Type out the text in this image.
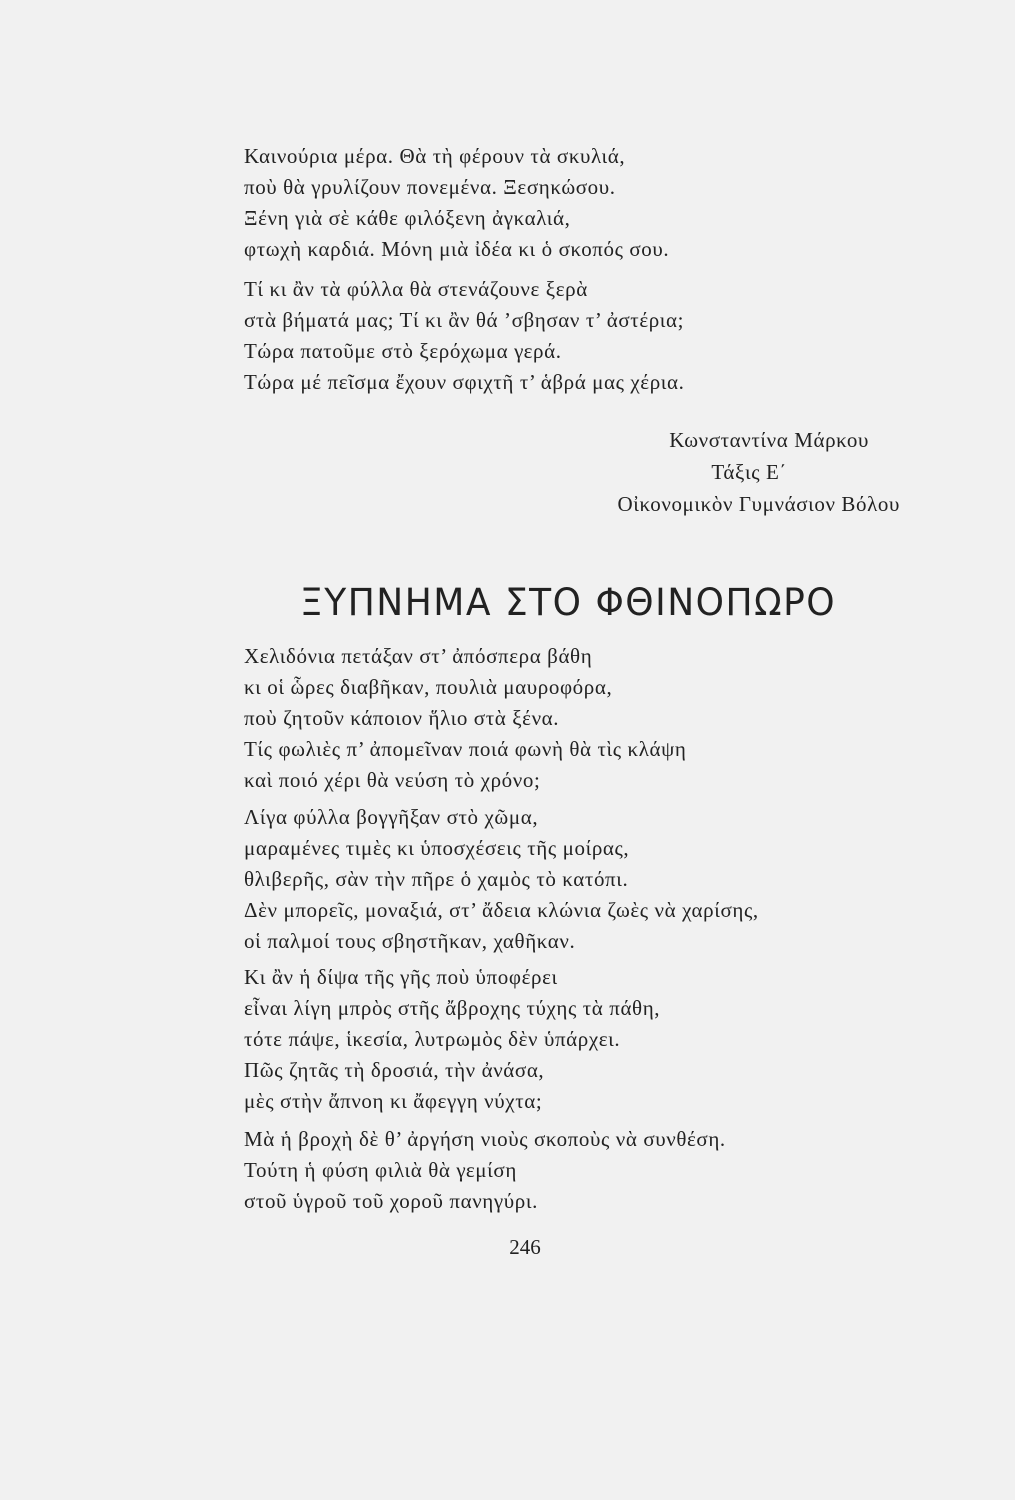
Καινούρια μέρα. Θὰ τὴ φέρουν τὰ σκυλιά,
ποὺ θὰ γρυλίζουν πονεμένα. Ξεσηκώσου.
Ξένη γιὰ σὲ κάθε φιλόξενη ἀγκαλιά,
φτωχὴ καρδιά. Μόνη μιὰ ἰδέα κι ὁ σκοπός σου.
Τί κι ἂν τὰ φύλλα θὰ στενάζουνε ξερὰ
στὰ βήματά μας; Τί κι ἂν θά ’σβησαν τ’ ἀστέρια;
Τώρα πατοῦμε στὸ ξερόχωμα γερά.
Τώρα μέ πεῖσμα ἔχουν σφιχτῆ τ’ ἁβρά μας χέρια.
Κωνσταντίνα Μάρκου
Τάξις Ε΄
Οἰκονομικὸν Γυμνάσιον Βόλου
ΞΥΠΝΗΜΑ ΣΤΟ ΦΘΙΝΟΠΩΡΟ
Χελιδόνια πετάξαν στ’ ἀπόσπερα βάθη
κι οἱ ὧρες διαβῆκαν, πουλιὰ μαυροφόρα,
ποὺ ζητοῦν κάποιον ἥλιο στὰ ξένα.
Τίς φωλιὲς π’ ἀπομεῖναν ποιά φωνὴ θὰ τὶς κλάψη
καὶ ποιό χέρι θὰ νεύση τὸ χρόνο;
Λίγα φύλλα βογγῆξαν στὸ χῶμα,
μαραμένες τιμὲς κι ὑποσχέσεις τῆς μοίρας,
θλιβερῆς, σὰν τὴν πῆρε ὁ χαμὸς τὸ κατόπι.
Δὲν μπορεῖς, μοναξιά, στ’ ἄδεια κλώνια ζωὲς νὰ χαρίσης,
οἱ παλμοί τους σβηστῆκαν, χαθῆκαν.
Κι ἂν ἡ δίψα τῆς γῆς ποὺ ὑποφέρει
εἶναι λίγη μπρὸς στῆς ἄβροχης τύχης τὰ πάθη,
τότε πάψε, ἱκεσία, λυτρωμὸς δὲν ὑπάρχει.
Πῶς ζητᾶς τὴ δροσιά, τὴν ἀνάσα,
μὲς στὴν ἄπνοη κι ἄφεγγη νύχτα;
Μὰ ἡ βροχὴ δὲ θ’ ἀργήση νιοὺς σκοποὺς νὰ συνθέση.
Τούτη ἡ φύση φιλιὰ θὰ γεμίση
στοῦ ὑγροῦ τοῦ χοροῦ πανηγύρι.
246
